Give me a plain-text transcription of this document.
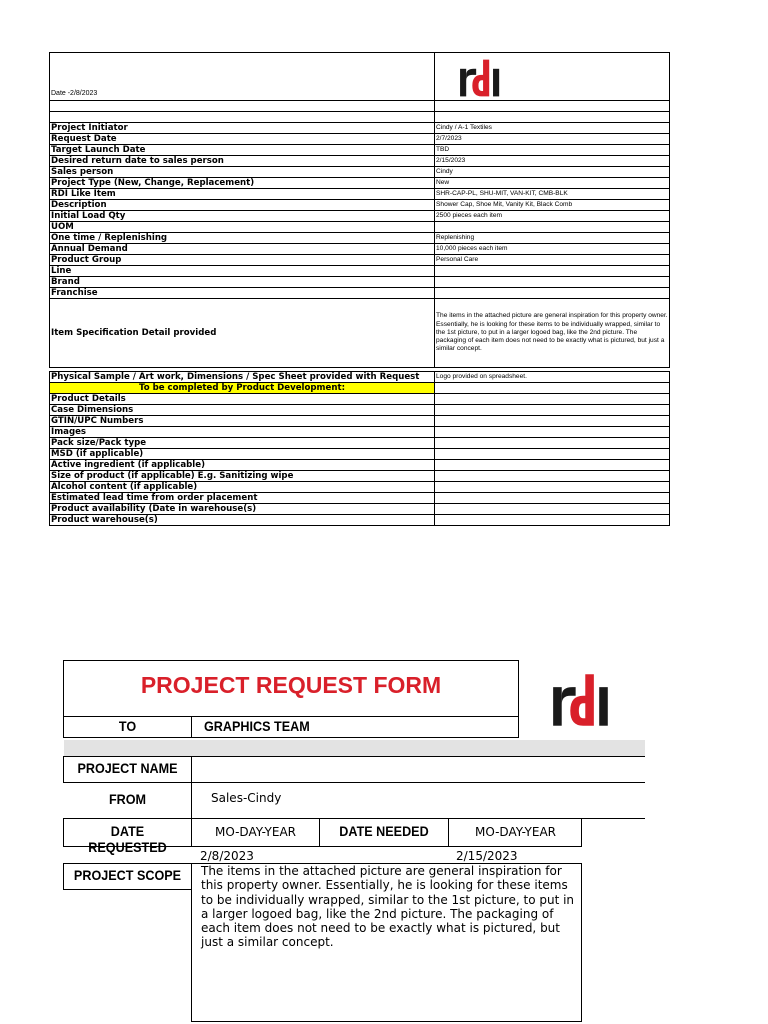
Date -2/8/2023	

Project Initiator	Cindy / A-1 Textiles
Request Date	2/7/2023
Target Launch Date	TBD
Desired return date to sales person	2/15/2023
Sales person	Cindy
Project Type (New, Change, Replacement)	New
RDI Like Item	SHR-CAP-PL, SHU-MIT, VAN-KIT, CMB-BLK
Description	Shower Cap, Shoe Mit, Vanity Kit, Black Comb
Initial Load Qty	2500 pieces each item
UOM	
One time / Replenishing	Replenishing
Annual Demand	10,000 pieces each item
Product Group	Personal Care
Line	
Brand	
Franchise	
Item Specification Detail provided	The items in the attached picture are general inspiration for this property owner. Essentially, he is looking for these items to be individually wrapped, similar to the 1st picture, to put in a larger logoed bag, like the 2nd picture. The packaging of each item does not need to be exactly what is pictured, but just a similar concept.

Physical Sample / Art work, Dimensions / Spec Sheet provided with Request	Logo provided on spreadsheet.
To be completed by Product Development:	
Product Details	
Case Dimensions	
GTIN/UPC Numbers	
Images	
Pack size/Pack type	
MSD (if applicable)	
Active ingredient (if applicable)	
Size of product (if applicable) E.g. Sanitizing wipe	
Alcohol content (if applicable)	
Estimated lead time from order placement	
Product availability (Date in warehouse(s)	
Product warehouse(s)	
PROJECT REQUEST FORM
TO	GRAPHICS TEAM
PROJECT NAME
FROM	Sales-Cindy
DATE REQUESTED
MO-DAY-YEAR	DATE NEEDED	MO-DAY-YEAR
2/8/2023	2/15/2023
PROJECT SCOPE The items in the attached picture are general inspiration for this property owner. Essentially, he is looking for these items to be individually wrapped, similar to the 1st picture, to put in a larger logoed bag, like the 2nd picture. The packaging of each item does not need to be exactly what is pictured, but just a similar concept.
